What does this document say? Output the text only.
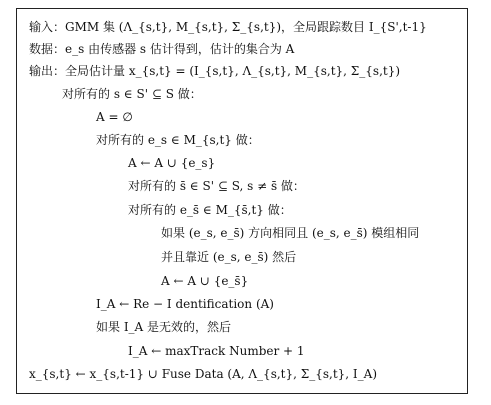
输入：GMM 集 (Λ_{s,t}, M_{s,t}, Σ_{s,t})，全局跟踪数目 I_{S',t-1}
数据：e_s 由传感器 s 估计得到，估计的集合为 A
输出：全局估计量 x_{s,t} = (I_{s,t}, Λ_{s,t}, M_{s,t}, Σ_{s,t})
对所有的 s ∈ S' ⊆ S 做：
A = ∅
对所有的 e_s ∈ M_{s,t} 做：
A ← A ∪ {e_s}
对所有的 s̄ ∈ S' ⊆ S, s ≠ s̄ 做：
对所有的 e_s̄ ∈ M_{s̄,t} 做：
如果 (e_s, e_s̄) 方向相同且 (e_s, e_s̄) 模组相同
并且靠近 (e_s, e_s̄) 然后
A ← A ∪ {e_s̄}
I_A ← Re − I dentification (A)
如果 I_A 是无效的，然后
I_A ← maxTrack Number + 1
x_{s,t} ← x_{s,t-1} ∪ Fuse Data (A, Λ_{s,t}, Σ_{s,t}, I_A)
